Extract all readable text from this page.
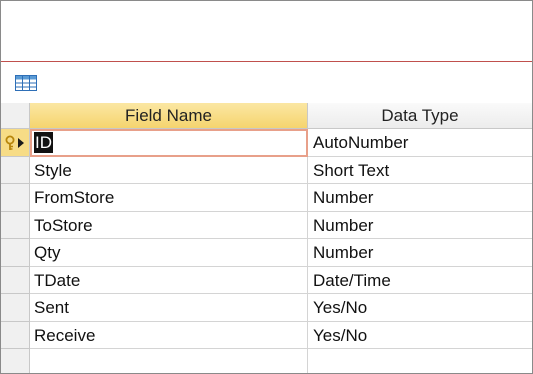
Field Name	Data Type
ID	AutoNumber
Style	Short Text
FromStore	Number
ToStore	Number
Qty	Number
TDate	Date/Time
Sent	Yes/No
Receive	Yes/No
